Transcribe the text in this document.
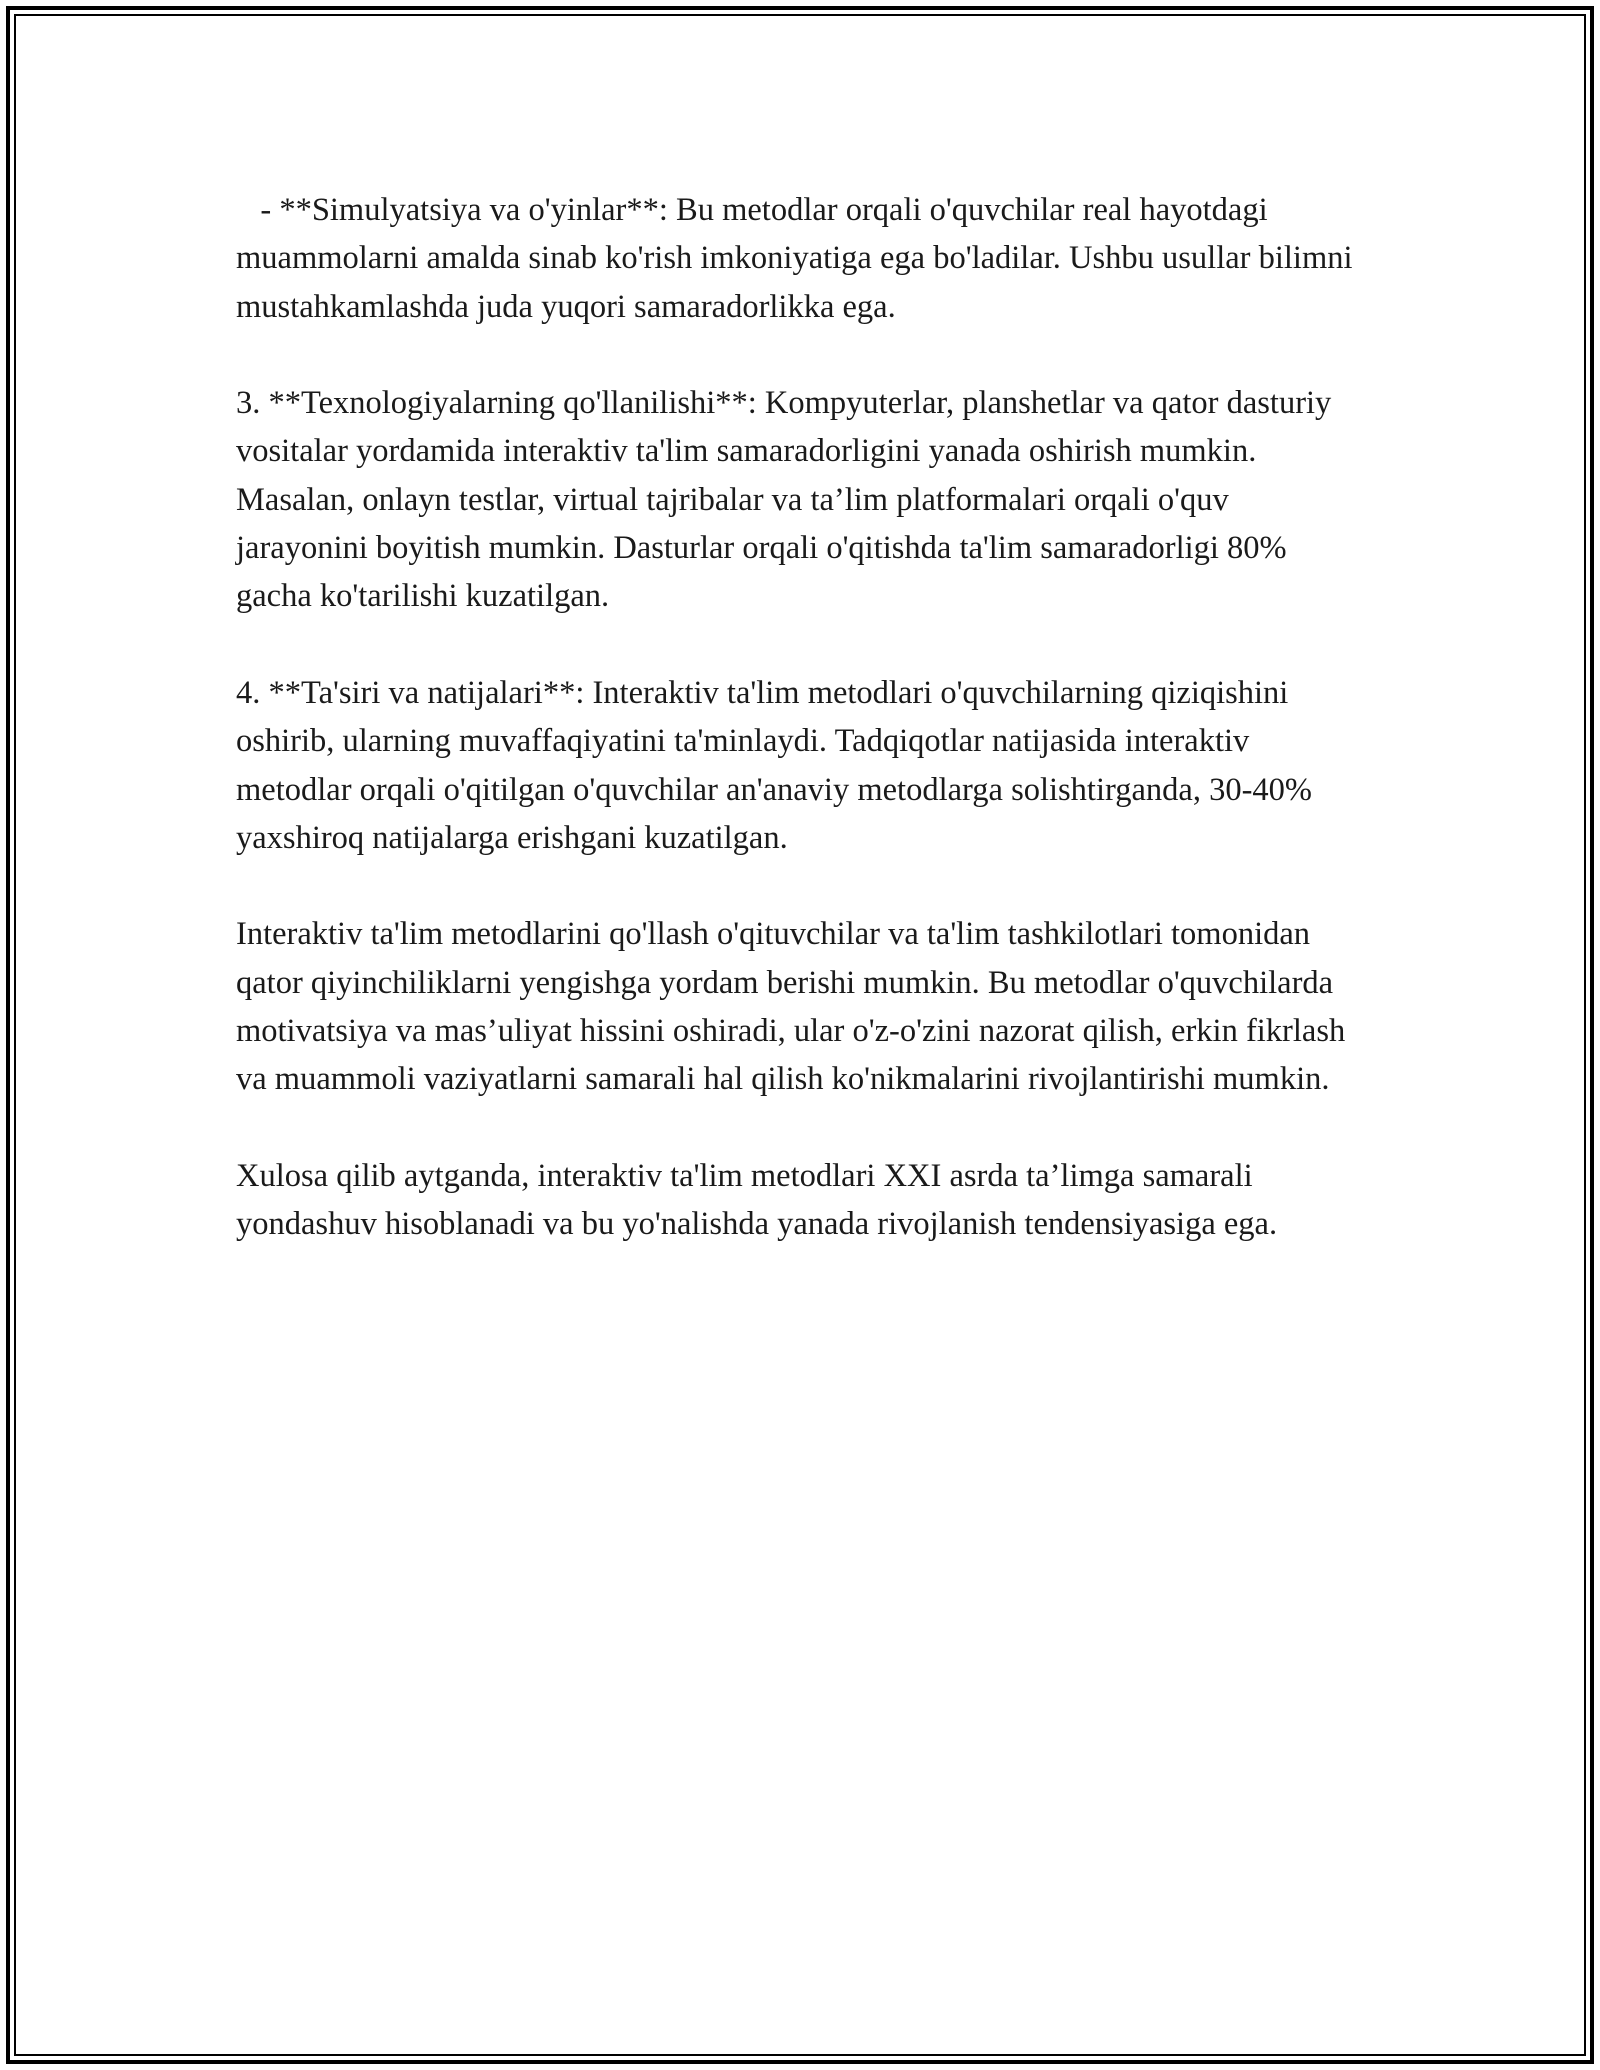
- **Simulyatsiya va o'yinlar**: Bu metodlar orqali o'quvchilar real hayotdagi muammolarni amalda sinab ko'rish imkoniyatiga ega bo'ladilar. Ushbu usullar bilimni mustahkamlashda juda yuqori samaradorlikka ega.

3. **Texnologiyalarning qo'llanilishi**: Kompyuterlar, planshetlar va qator dasturiy vositalar yordamida interaktiv ta'lim samaradorligini yanada oshirish mumkin. Masalan, onlayn testlar, virtual tajribalar va ta’lim platformalari orqali o'quv jarayonini boyitish mumkin. Dasturlar orqali o'qitishda ta'lim samaradorligi 80% gacha ko'tarilishi kuzatilgan.

4. **Ta'siri va natijalari**: Interaktiv ta'lim metodlari o'quvchilarning qiziqishini oshirib, ularning muvaffaqiyatini ta'minlaydi. Tadqiqotlar natijasida interaktiv metodlar orqali o'qitilgan o'quvchilar an'anaviy metodlarga solishtirganda, 30-40% yaxshiroq natijalarga erishgani kuzatilgan.

Interaktiv ta'lim metodlarini qo'llash o'qituvchilar va ta'lim tashkilotlari tomonidan qator qiyinchiliklarni yengishga yordam berishi mumkin. Bu metodlar o'quvchilarda motivatsiya va mas’uliyat hissini oshiradi, ular o'z-o'zini nazorat qilish, erkin fikrlash va muammoli vaziyatlarni samarali hal qilish ko'nikmalarini rivojlantirishi mumkin.

Xulosa qilib aytganda, interaktiv ta'lim metodlari XXI asrda ta’limga samarali yondashuv hisoblanadi va bu yo'nalishda yanada rivojlanish tendensiyasiga ega.
